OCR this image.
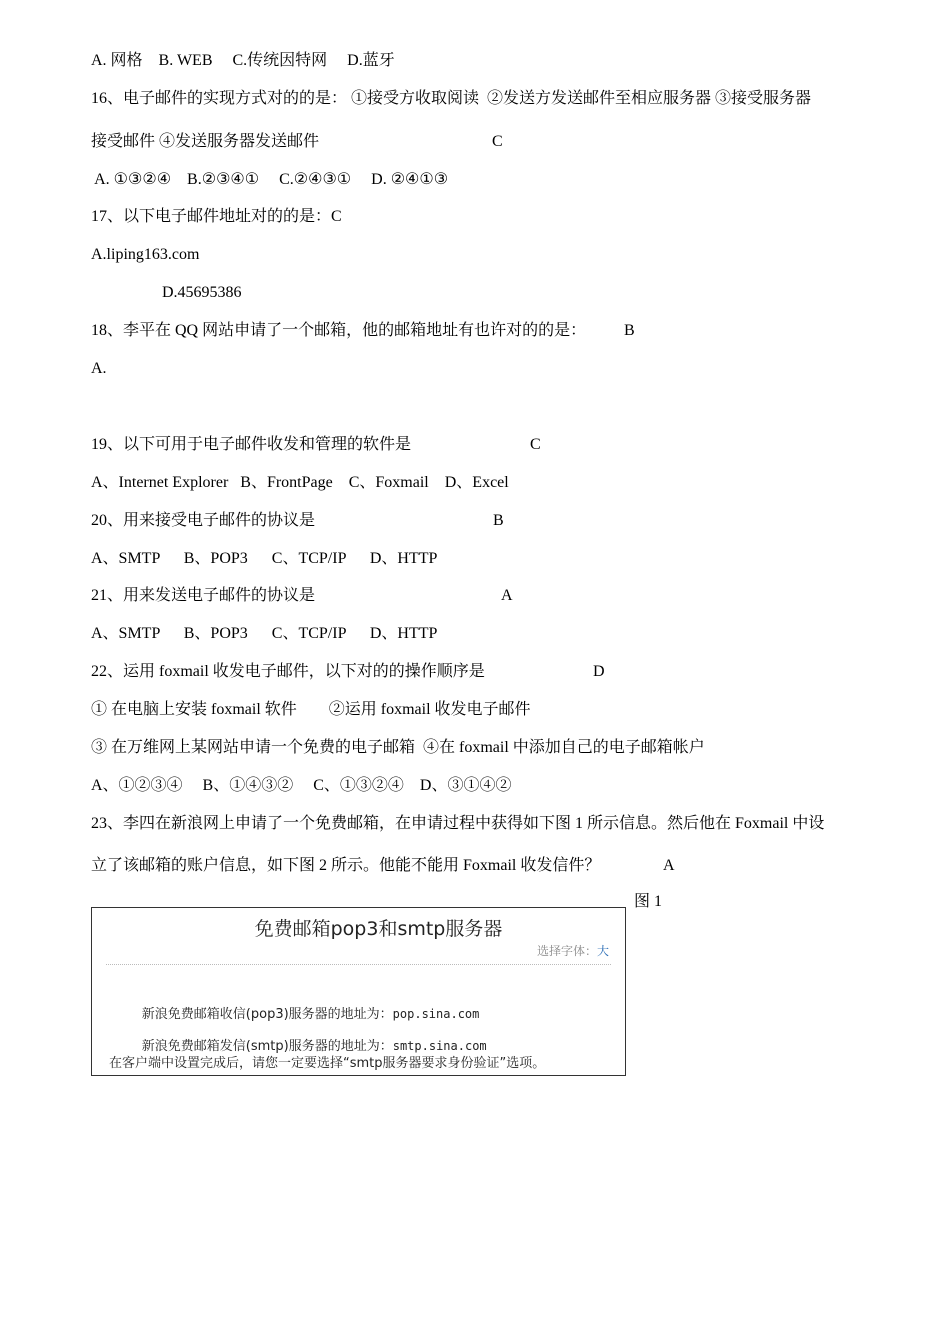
A. 网格    B. WEB     C.传统因特网     D.蓝牙
16、电子邮件的实现方式对的的是： ①接受方收取阅读  ②发送方发送邮件至相应服务器 ③接受服务器
接受邮件 ④发送服务器发送邮件	C
A. ①③②④    B.②③④①     C.②④③①     D. ②④①③
17、以下电子邮件地址对的的是：C
A.liping163.com
D.45695386
18、李平在 QQ 网站申请了一个邮箱，他的邮箱地址有也许对的的是： B
A.
19、以下可用于电子邮件收发和管理的软件是	C
A、Internet Explorer   B、FrontPage    C、Foxmail    D、Excel
20、用来接受电子邮件的协议是	B
A、SMTP      B、POP3      C、TCP/IP      D、HTTP
21、用来发送电子邮件的协议是	A
A、SMTP      B、POP3      C、TCP/IP      D、HTTP
22、运用 foxmail 收发电子邮件，以下对的的操作顺序是	D
① 在电脑上安装 foxmail 软件        ②运用 foxmail 收发电子邮件
③ 在万维网上某网站申请一个免费的电子邮箱  ④在 foxmail 中添加自己的电子邮箱帐户
A、①②③④     B、①④③②     C、①③②④    D、③①④②
23、李四在新浪网上申请了一个免费邮箱，在申请过程中获得如下图 1 所示信息。然后他在 Foxmail 中设
立了该邮箱的账户信息，如下图 2 所示。他能不能用 Foxmail 收发信件？	A
图 1
免费邮箱pop3和smtp服务器
选择字体：大

新浪免费邮箱收信(pop3)服务器的地址为：pop.sina.com

新浪免费邮箱发信(smtp)服务器的地址为：smtp.sina.com

在客户端中设置完成后，请您一定要选择“smtp服务器要求身份验证”选项。
